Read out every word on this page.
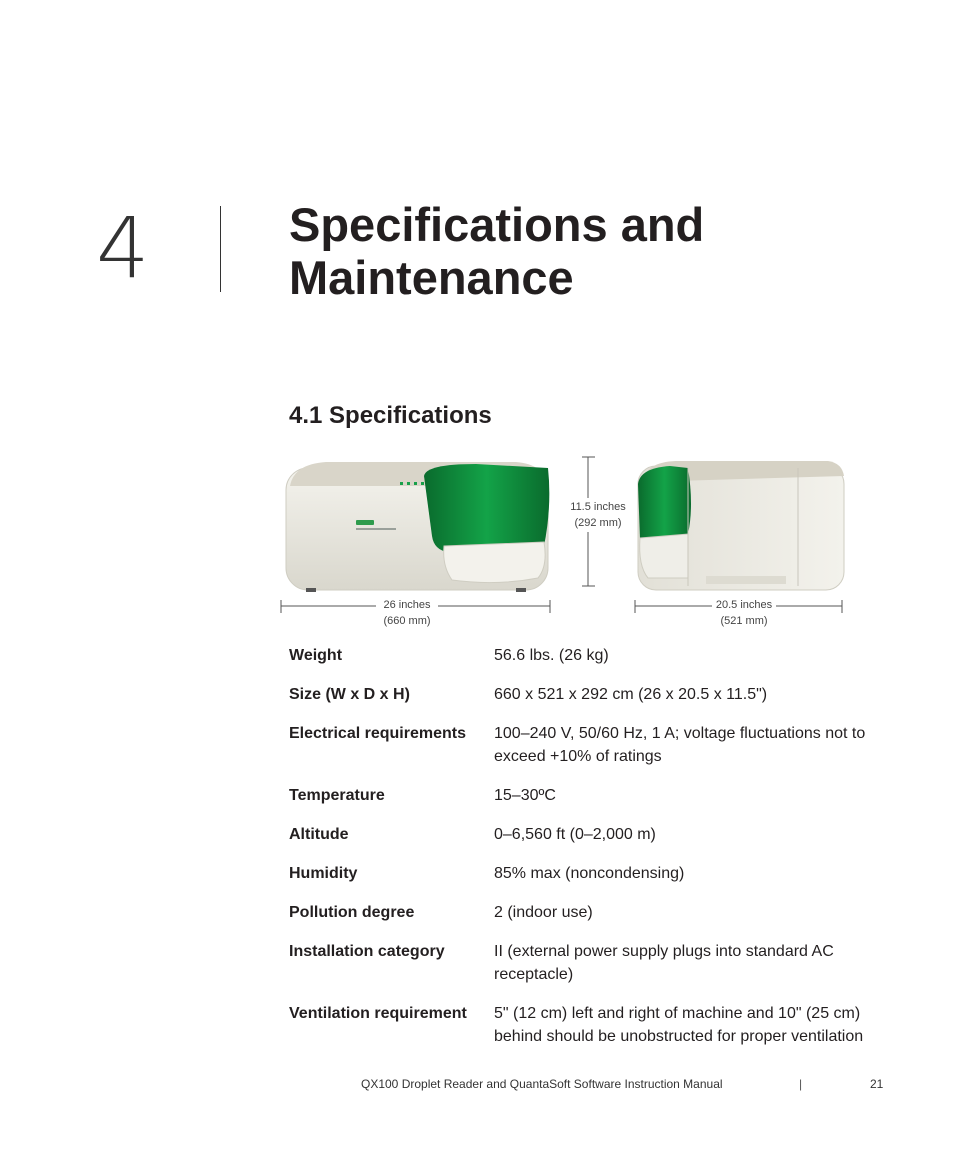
4	Specifications and
Maintenance
4.1 Specifications
11.5 inches
(292 mm)
26 inches
(660 mm)
20.5 inches
(521 mm)
Weight	56.6 lbs. (26 kg)
Size (W x D x H)	660 x 521 x 292 cm (26 x 20.5 x 11.5")
Electrical requirements	100–240 V, 50/60 Hz, 1 A; voltage fluctuations not to exceed +10% of ratings
Temperature	15–30ºC
Altitude	0–6,560 ft (0–2,000 m)
Humidity	85% max (noncondensing)
Pollution degree	2 (indoor use)
Installation category	II (external power supply plugs into standard AC receptacle)
Ventilation requirement	5" (12 cm) left and right of machine and 10" (25 cm) behind should be unobstructed for proper ventilation
QX100 Droplet Reader and QuantaSoft Software Instruction Manual	|	21
